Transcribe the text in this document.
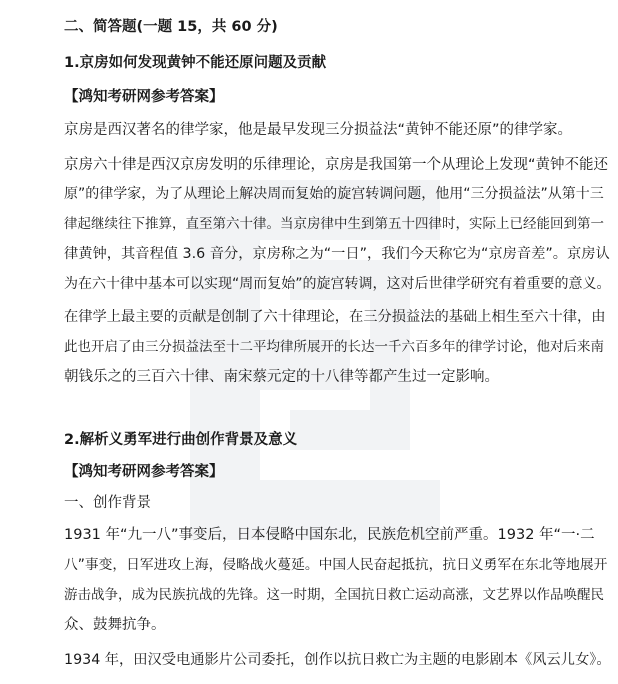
二、简答题(一题 15，共 60 分)
1.京房如何发现黄钟不能还原问题及贡献
【鸿知考研网参考答案】
京房是西汉著名的律学家，他是最早发现三分损益法“黄钟不能还原”的律学家。
京房六十律是西汉京房发明的乐律理论，京房是我国第一个从理论上发现“黄钟不能还
原”的律学家，为了从理论上解决周而复始的旋宫转调问题，他用“三分损益法”从第十三
律起继续往下推算，直至第六十律。当京房律中生到第五十四律时，实际上已经能回到第一
律黄钟，其音程值 3.6 音分，京房称之为“一日”，我们今天称它为“京房音差”。京房认
为在六十律中基本可以实现“周而复始”的旋宫转调，这对后世律学研究有着重要的意义。
在律学上最主要的贡献是创制了六十律理论，在三分损益法的基础上相生至六十律，由
此也开启了由三分损益法至十二平均律所展开的长达一千六百多年的律学讨论，他对后来南
朝钱乐之的三百六十律、南宋蔡元定的十八律等都产生过一定影响。
2.解析义勇军进行曲创作背景及意义
【鸿知考研网参考答案】
一、创作背景
1931 年“九一八”事变后，日本侵略中国东北，民族危机空前严重。1932 年“一·二
八”事变，日军进攻上海，侵略战火蔓延。中国人民奋起抵抗，抗日义勇军在东北等地展开
游击战争，成为民族抗战的先锋。这一时期，全国抗日救亡运动高涨，文艺界以作品唤醒民
众、鼓舞抗争。
1934 年，田汉受电通影片公司委托，创作以抗日救亡为主题的电影剧本《风云儿女》。
